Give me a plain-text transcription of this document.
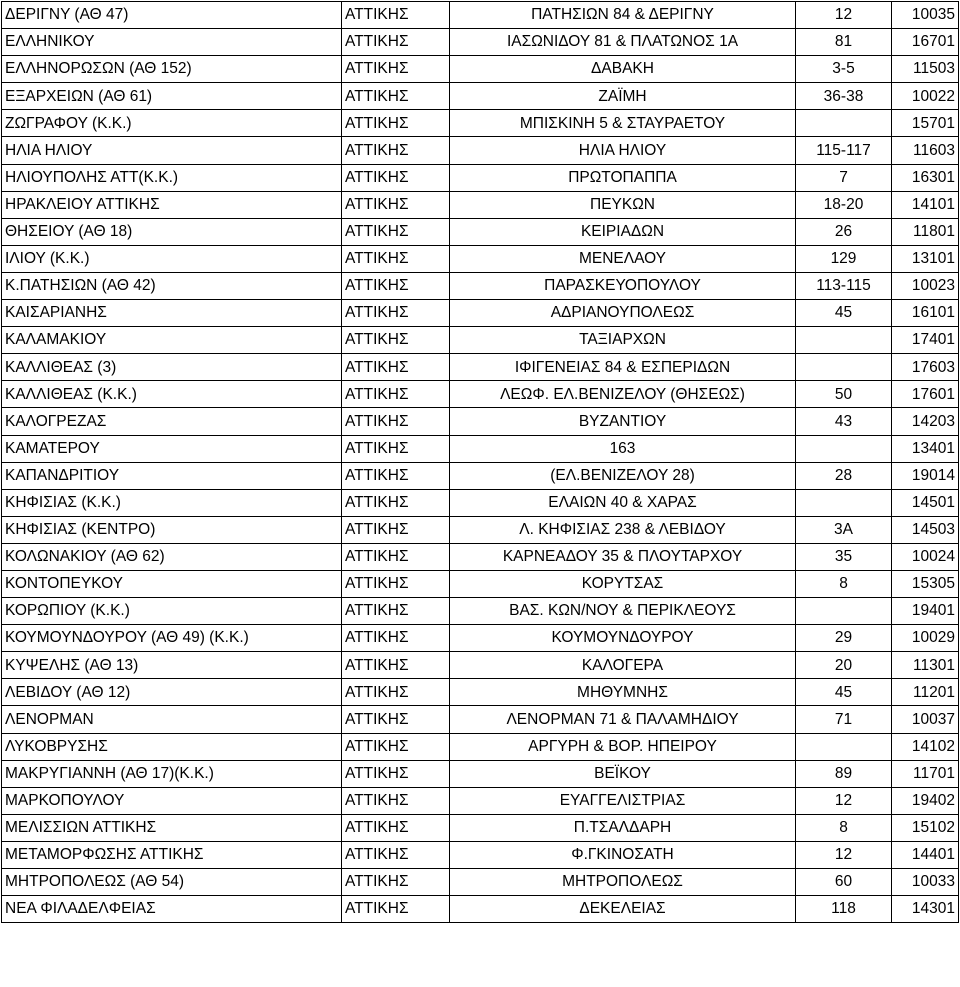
ΔΕΡΙΓΝΥ (ΑΘ 47)	ΑΤΤΙΚΗΣ	ΠΑΤΗΣΙΩΝ 84 & ΔΕΡΙΓΝΥ	12	10035
ΕΛΛΗΝΙΚΟΥ	ΑΤΤΙΚΗΣ	ΙΑΣΩΝΙΔΟΥ 81 & ΠΛΑΤΩΝΟΣ 1Α	81	16701
ΕΛΛΗΝΟΡΩΣΩΝ (ΑΘ 152)	ΑΤΤΙΚΗΣ	ΔΑΒΑΚΗ	3-5	11503
ΕΞΑΡΧΕΙΩΝ (ΑΘ 61)	ΑΤΤΙΚΗΣ	ΖΑΪΜΗ	36-38	10022
ΖΩΓΡΑΦΟΥ (Κ.Κ.)	ΑΤΤΙΚΗΣ	ΜΠΙΣΚΙΝΗ 5 & ΣΤΑΥΡΑΕΤΟΥ		15701
ΗΛΙΑ ΗΛΙΟΥ	ΑΤΤΙΚΗΣ	ΗΛΙΑ ΗΛΙΟΥ	115-117	11603
ΗΛΙΟΥΠΟΛΗΣ ΑΤΤ(Κ.Κ.)	ΑΤΤΙΚΗΣ	ΠΡΩΤΟΠΑΠΠΑ	7	16301
ΗΡΑΚΛΕΙΟΥ ΑΤΤΙΚΗΣ	ΑΤΤΙΚΗΣ	ΠΕΥΚΩΝ	18-20	14101
ΘΗΣΕΙΟΥ (ΑΘ 18)	ΑΤΤΙΚΗΣ	ΚΕΙΡΙΑΔΩΝ	26	11801
ΙΛΙΟΥ (Κ.Κ.)	ΑΤΤΙΚΗΣ	ΜΕΝΕΛΑΟΥ	129	13101
Κ.ΠΑΤΗΣΙΩΝ (ΑΘ 42)	ΑΤΤΙΚΗΣ	ΠΑΡΑΣΚΕΥΟΠΟΥΛΟΥ	113-115	10023
ΚΑΙΣΑΡΙΑΝΗΣ	ΑΤΤΙΚΗΣ	ΑΔΡΙΑΝΟΥΠΟΛΕΩΣ	45	16101
ΚΑΛΑΜΑΚΙΟΥ	ΑΤΤΙΚΗΣ	ΤΑΞΙΑΡΧΩΝ		17401
ΚΑΛΛΙΘΕΑΣ (3)	ΑΤΤΙΚΗΣ	ΙΦΙΓΕΝΕΙΑΣ 84 & ΕΣΠΕΡΙΔΩΝ		17603
ΚΑΛΛΙΘΕΑΣ (Κ.Κ.)	ΑΤΤΙΚΗΣ	ΛΕΩΦ. ΕΛ.ΒΕΝΙΖΕΛΟΥ (ΘΗΣΕΩΣ)	50	17601
ΚΑΛΟΓΡΕΖΑΣ	ΑΤΤΙΚΗΣ	ΒΥΖΑΝΤΙΟΥ	43	14203
ΚΑΜΑΤΕΡΟΥ	ΑΤΤΙΚΗΣ	163		13401
ΚΑΠΑΝΔΡΙΤΙΟΥ	ΑΤΤΙΚΗΣ	(ΕΛ.ΒΕΝΙΖΕΛΟΥ 28)	28	19014
ΚΗΦΙΣΙΑΣ (Κ.Κ.)	ΑΤΤΙΚΗΣ	ΕΛΑΙΩΝ 40 & ΧΑΡΑΣ		14501
ΚΗΦΙΣΙΑΣ (ΚΕΝΤΡΟ)	ΑΤΤΙΚΗΣ	Λ. ΚΗΦΙΣΙΑΣ 238 & ΛΕΒΙΔΟΥ	3Α	14503
ΚΟΛΩΝΑΚΙΟΥ (ΑΘ 62)	ΑΤΤΙΚΗΣ	ΚΑΡΝΕΑΔΟΥ 35 & ΠΛΟΥΤΑΡΧΟΥ	35	10024
ΚΟΝΤΟΠΕΥΚΟΥ	ΑΤΤΙΚΗΣ	ΚΟΡΥΤΣΑΣ	8	15305
ΚΟΡΩΠΙΟΥ (Κ.Κ.)	ΑΤΤΙΚΗΣ	ΒΑΣ. ΚΩΝ/ΝΟΥ & ΠΕΡΙΚΛΕΟΥΣ		19401
ΚΟΥΜΟΥΝΔΟΥΡΟΥ (ΑΘ 49) (Κ.Κ.)	ΑΤΤΙΚΗΣ	ΚΟΥΜΟΥΝΔΟΥΡΟΥ	29	10029
ΚΥΨΕΛΗΣ (ΑΘ 13)	ΑΤΤΙΚΗΣ	ΚΑΛΟΓΕΡΑ	20	11301
ΛΕΒΙΔΟΥ (ΑΘ 12)	ΑΤΤΙΚΗΣ	ΜΗΘΥΜΝΗΣ	45	11201
ΛΕΝΟΡΜΑΝ	ΑΤΤΙΚΗΣ	ΛΕΝΟΡΜΑΝ 71 & ΠΑΛΑΜΗΔΙΟΥ	71	10037
ΛΥΚΟΒΡΥΣΗΣ	ΑΤΤΙΚΗΣ	ΑΡΓΥΡΗ & ΒΟΡ. ΗΠΕΙΡΟΥ		14102
ΜΑΚΡΥΓΙΑΝΝΗ (ΑΘ 17)(Κ.Κ.)	ΑΤΤΙΚΗΣ	ΒΕΪΚΟΥ	89	11701
ΜΑΡΚΟΠΟΥΛΟΥ	ΑΤΤΙΚΗΣ	ΕΥΑΓΓΕΛΙΣΤΡΙΑΣ	12	19402
ΜΕΛΙΣΣΙΩΝ ΑΤΤΙΚΗΣ	ΑΤΤΙΚΗΣ	Π.ΤΣΑΛΔΑΡΗ	8	15102
ΜΕΤΑΜΟΡΦΩΣΗΣ ΑΤΤΙΚΗΣ	ΑΤΤΙΚΗΣ	Φ.ΓΚΙΝΟΣΑΤΗ	12	14401
ΜΗΤΡΟΠΟΛΕΩΣ (ΑΘ 54)	ΑΤΤΙΚΗΣ	ΜΗΤΡΟΠΟΛΕΩΣ	60	10033
ΝΕΑ ΦΙΛΑΔΕΛΦΕΙΑΣ	ΑΤΤΙΚΗΣ	ΔΕΚΕΛΕΙΑΣ	118	14301
